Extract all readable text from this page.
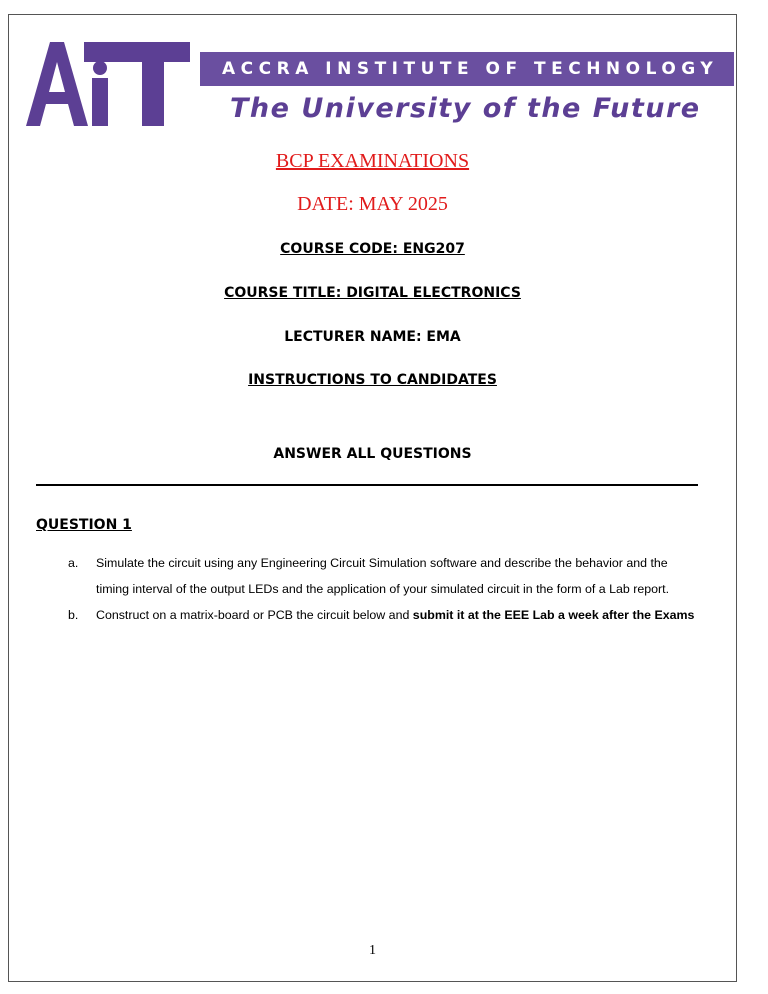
ACCRA INSTITUTE OF TECHNOLOGY
The University of the Future
BCP EXAMINATIONS
DATE: MAY 2025
COURSE CODE: ENG207
COURSE TITLE: DIGITAL ELECTRONICS
LECTURER NAME: EMA
INSTRUCTIONS TO CANDIDATES
ANSWER ALL QUESTIONS
QUESTION 1
a. Simulate the circuit using any Engineering Circuit Simulation software and describe the behavior and the timing interval of the output LEDs and the application of your simulated circuit in the form of a Lab report.
b. Construct on a matrix-board or PCB the circuit below and submit it at the EEE Lab a week after the Exams
1
